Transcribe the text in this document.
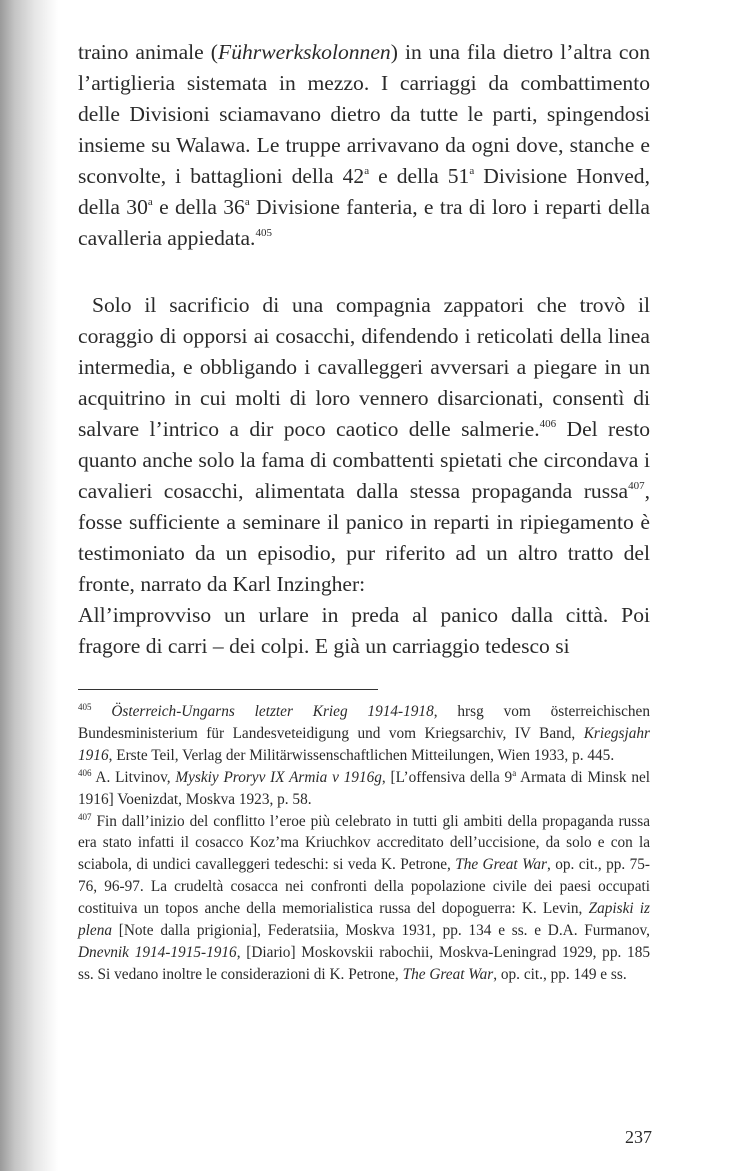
traino animale (Führwerkskolonnen) in una fila dietro l’altra con l’artiglieria sistemata in mezzo. I carriaggi da combattimento delle Divisioni sciamavano dietro da tutte le parti, spingendosi insieme su Walawa. Le truppe arrivavano da ogni dove, stanche e sconvolte, i battaglioni della 42$^a$ e della 51$^a$ Divisione Honved, della 30$^a$ e della 36$^a$ Divisione fanteria, e tra di loro i reparti della cavalleria appiedata.$^{405}$
Solo il sacrificio di una compagnia zappatori che trovò il coraggio di opporsi ai cosacchi, difendendo i reticolati della linea intermedia, e obbligando i cavalleggeri avversari a piegare in un acquitrino in cui molti di loro vennero disarcionati, consentì di salvare l’intrico a dir poco caotico delle salmerie.$^{406}$ Del resto quanto anche solo la fama di combattenti spietati che circondava i cavalieri cosacchi, alimentata dalla stessa propaganda russa$^{407}$, fosse sufficiente a seminare il panico in reparti in ripiegamento è testimoniato da un episodio, pur riferito ad un altro tratto del fronte, narrato da Karl Inzingher:
All’improvviso un urlare in preda al panico dalla città. Poi fragore di carri – dei colpi. E già un carriaggio tedesco si

$^{405}$ Österreich-Ungarns letzter Krieg 1914-1918, hrsg vom österreichischen Bundesministerium für Landesveteidigung und vom Kriegsarchiv, IV Band, Kriegsjahr 1916, Erste Teil, Verlag der Militärwissenschaftlichen Mitteilungen, Wien 1933, p. 445.

$^{406}$ A. Litvinov, Myskiy Proryv IX Armia v 1916g, [L’offensiva della 9$^a$ Armata di Minsk nel 1916] Voenizdat, Moskva 1923, p. 58.

$^{407}$ Fin dall’inizio del conflitto l’eroe più celebrato in tutti gli ambiti della propaganda russa era stato infatti il cosacco Koz’ma Kriuchkov accreditato dell’uccisione, da solo e con la sciabola, di undici cavalleggeri tedeschi: si veda K. Petrone, The Great War, op. cit., pp. 75-76, 96-97. La crudeltà cosacca nei confronti della popolazione civile dei paesi occupati costituiva un topos anche della memorialistica russa del dopoguerra: K. Levin, Zapiski iz plena [Note dalla prigionia], Federatsiia, Moskva 1931, pp. 134 e ss. e D.A. Furmanov, Dnevnik 1914-1915-1916, [Diario] Moskovskii rabochii, Moskva-Leningrad 1929, pp. 185 ss. Si vedano inoltre le considerazioni di K. Petrone, The Great War, op. cit., pp. 149 e ss.

237
